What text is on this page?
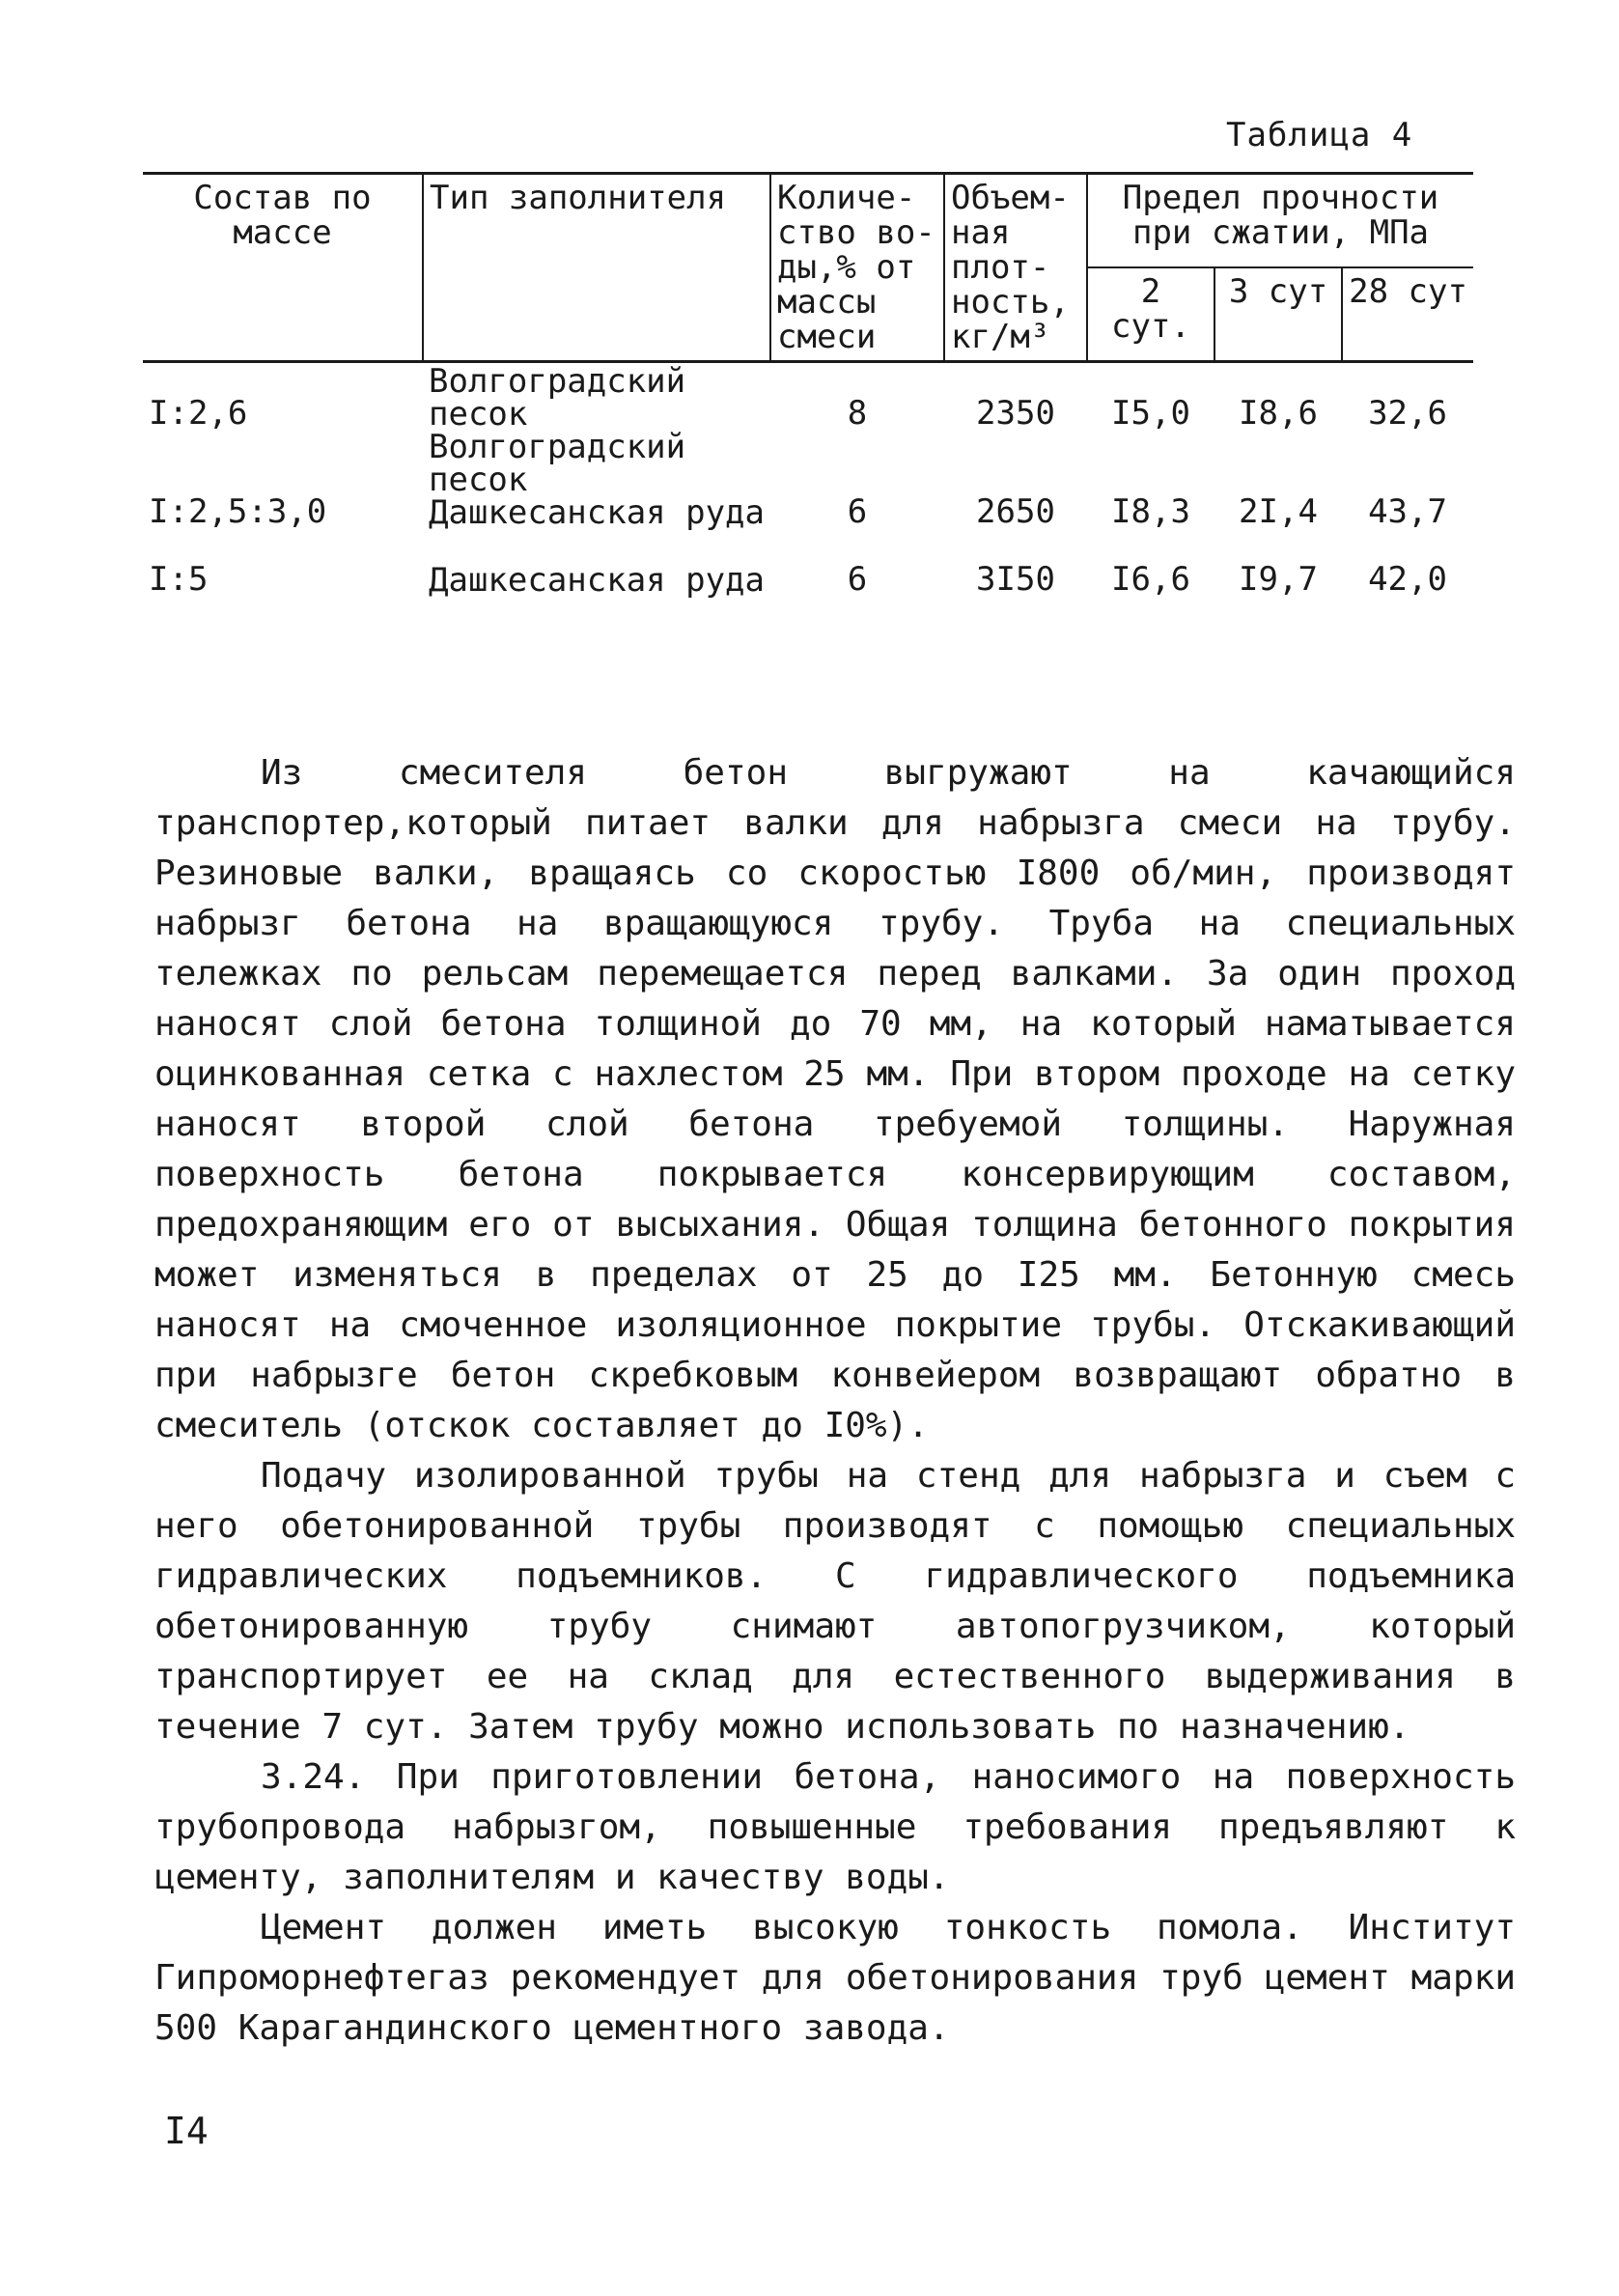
Таблица 4
Состав по массе	Тип заполнителя	Количе-ство во-ды,% от массы смеси	Объем-ная плот-ность, кг/м³	Предел прочности при сжатии, МПа		
				2 сут.	3 сут	28 сут
I:2,6	Волгоградский песок	8	2350	I5,0	I8,6	32,6
I:2,5:3,0	Волгоградский песок Дашкесанская руда	6	2650	I8,3	2I,4	43,7
I:5	Дашкесанская руда	6	3I50	I6,6	I9,7	42,0

Из смесителя бетон выгружают на качающийся транспортер,который питает валки для набрызга смеси на трубу. Резиновые валки, вращаясь со скоростью I800 об/мин, производят набрызг бетона на вращающуюся трубу. Труба на специальных тележках по рельсам перемещается перед валками. За один проход наносят слой бетона толщиной до 70 мм, на который наматывается оцинкованная сетка с нахлестом 25 мм. При втором проходе на сетку наносят второй слой бетона требуемой толщины. Наружная поверхность бетона покрывается консервирующим составом, предохраняющим его от высыхания. Общая толщина бетонного покрытия может изменяться в пределах от 25 до I25 мм. Бетонную смесь наносят на смоченное изоляционное покрытие трубы. Отскакивающий при набрызге бетон скребковым конвейером возвращают обратно в смеситель (отскок составляет до I0%).

Подачу изолированной трубы на стенд для набрызга и съем с него обетонированной трубы производят с помощью специальных гидравлических подъемников. С гидравлического подъемника обетонированную трубу снимают автопогрузчиком, который транспортирует ее на склад для естественного выдерживания в течение 7 сут. Затем трубу можно использовать по назначению.

3.24. При приготовлении бетона, наносимого на поверхность трубопровода набрызгом, повышенные требования предъявляют к цементу, заполнителям и качеству воды.

Цемент должен иметь высокую тонкость помола. Институт Гипроморнефтегаз рекомендует для обетонирования труб цемент марки 500 Карагандинского цементного завода.

I4
